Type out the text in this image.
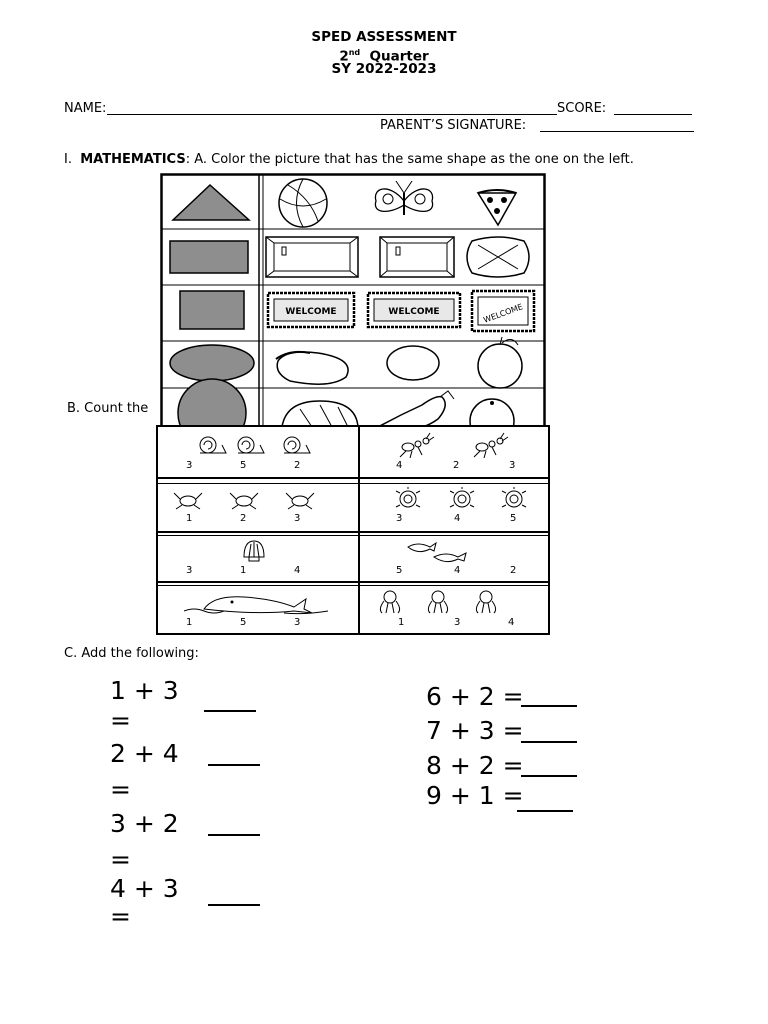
SPED ASSESSMENT
2nd Quarter
SY 2022-2023
NAME:	SCORE:
PARENT’S SIGNATURE:
I. MATHEMATICS: A. Color the picture that has the same shape as the one on the left.
B. Count the
WELCOME	WELCOME	WELCOME
3	5	2	4	2	3
1	2	3	3	4	5
3	1	4	5	4	2
1	5	3	1	3	4
C. Add the following:
1 + 3
=
2 + 4
=
3 + 2
=
4 + 3
=
6 + 2 =
7 + 3 =
8 + 2 =
9 + 1 =
